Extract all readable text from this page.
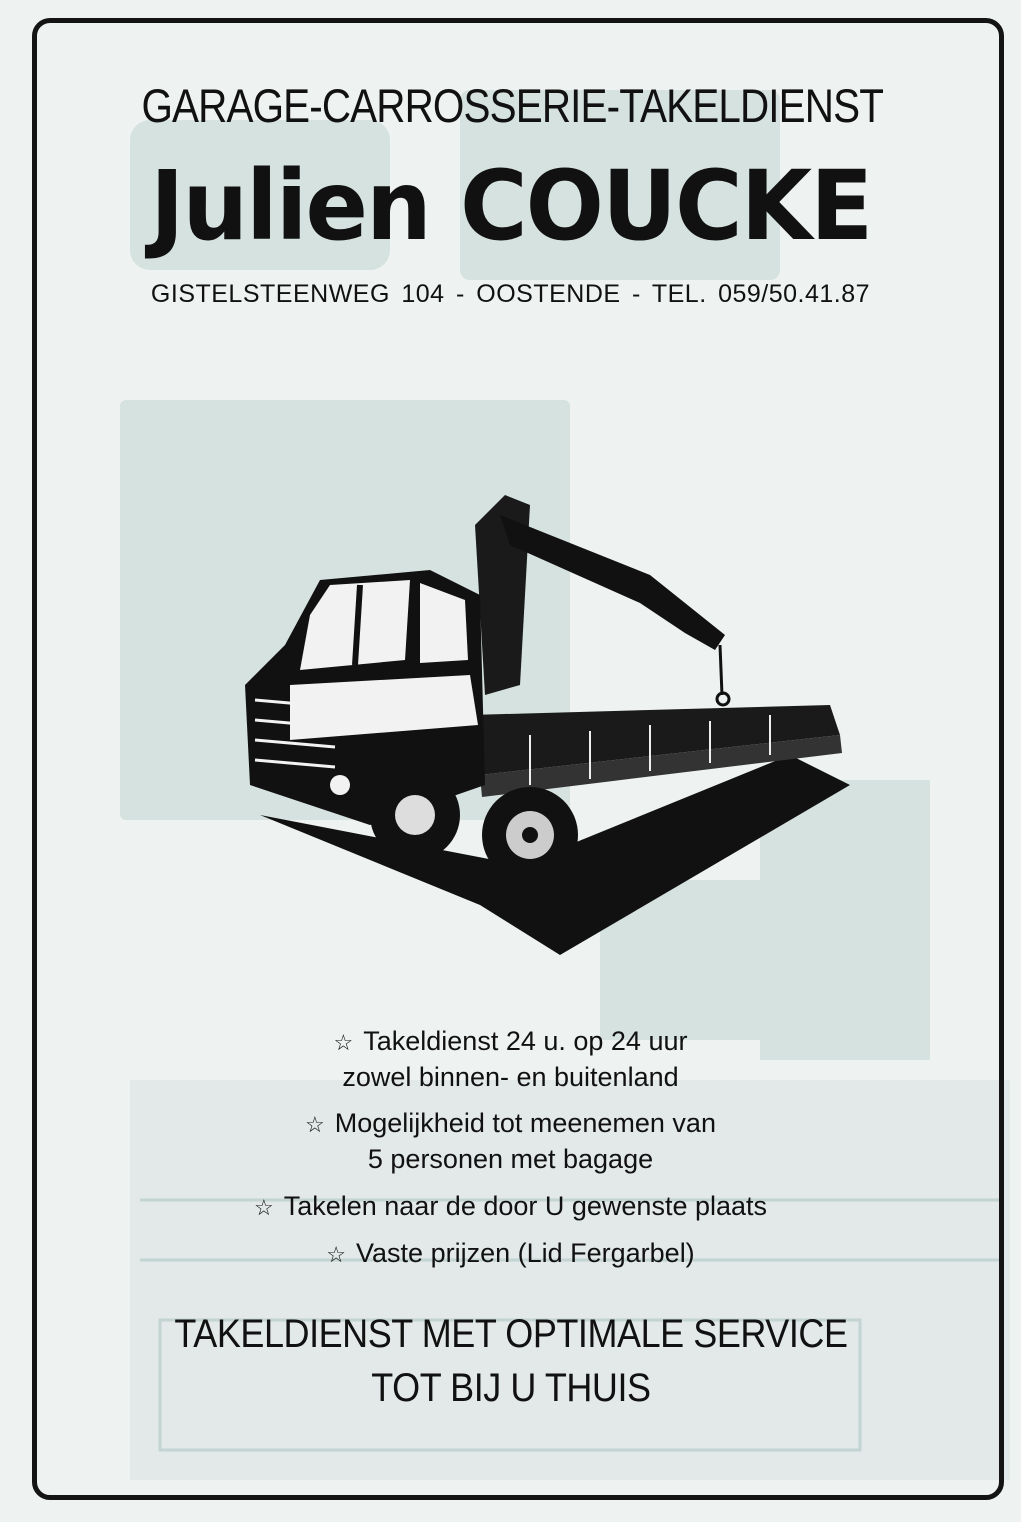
GARAGE-CARROSSERIE-TAKELDIENST
Julien COUCKE
GISTELSTEENWEG 104 - OOSTENDE - TEL. 059/50.41.87
☆ Takeldienst 24 u. op 24 uur
zowel binnen- en buitenland
☆ Mogelijkheid tot meenemen van
5 personen met bagage
☆ Takelen naar de door U gewenste plaats
☆ Vaste prijzen (Lid Fergarbel)
TAKELDIENST MET OPTIMALE SERVICE
TOT BIJ U THUIS
